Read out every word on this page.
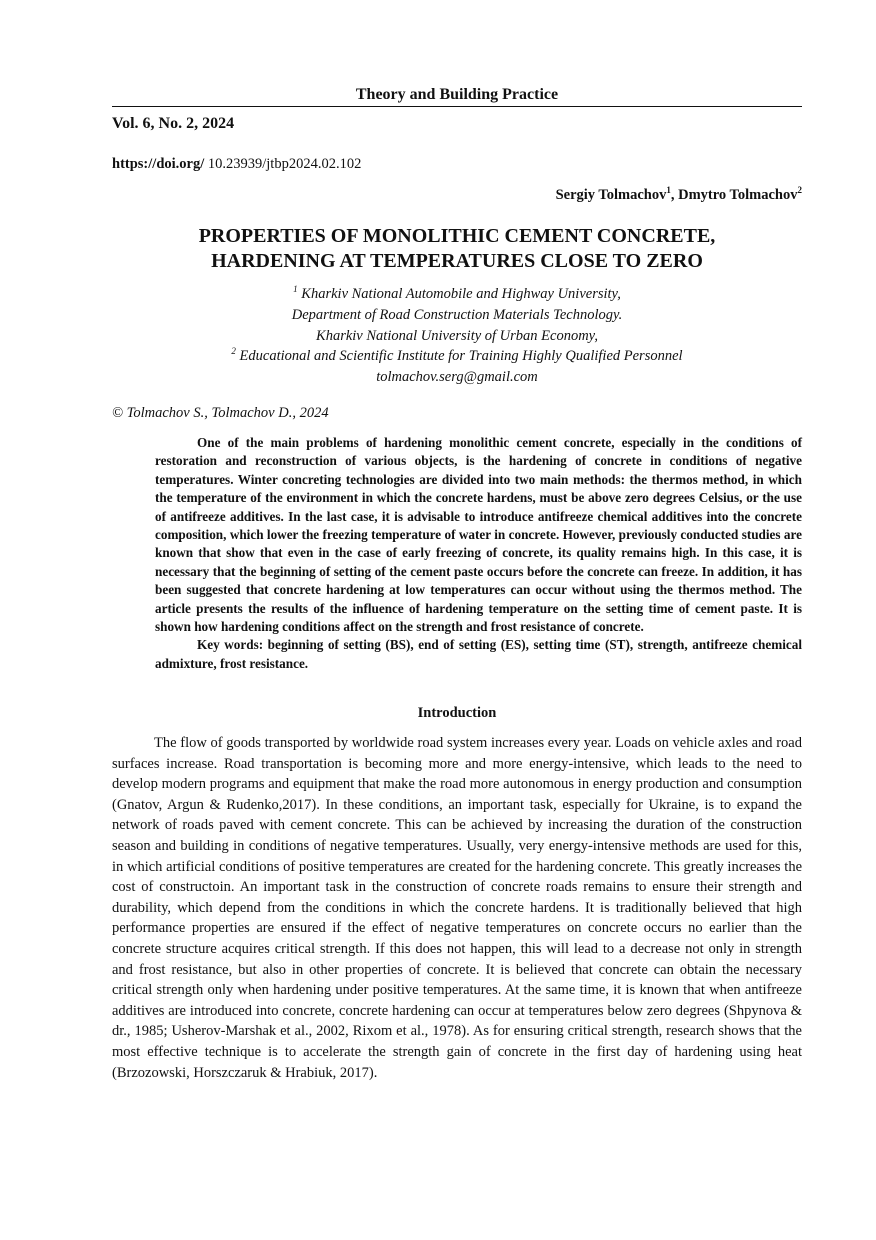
Theory and Building Practice
Vol. 6, No. 2, 2024
https://doi.org/ 10.23939/jtbp2024.02.102
Sergiy Tolmachov$^1$, Dmytro Tolmachov$^2$
PROPERTIES OF MONOLITHIC CEMENT CONCRETE,
HARDENING AT TEMPERATURES CLOSE TO ZERO
$^1$ Kharkiv National Automobile and Highway University,
Department of Road Construction Materials Technology.
Kharkiv National University of Urban Economy,
$^2$ Educational and Scientific Institute for Training Highly Qualified Personnel
tolmachov.serg@gmail.com
© Tolmachov S., Tolmachov D., 2024

One of the main problems of hardening monolithic cement concrete, especially in the conditions of restoration and reconstruction of various objects, is the hardening of concrete in conditions of negative temperatures. Winter concreting technologies are divided into two main methods: the thermos method, in which the temperature of the environment in which the concrete hardens, must be above zero degrees Celsius, or the use of antifreeze additives. In the last case, it is advisable to introduce antifreeze chemical additives into the concrete composition, which lower the freezing temperature of water in concrete. However, previously conducted studies are known that show that even in the case of early freezing of concrete, its quality remains high. In this case, it is necessary that the beginning of setting of the cement paste occurs before the concrete can freeze. In addition, it has been suggested that concrete hardening at low temperatures can occur without using the thermos method. The article presents the results of the influence of hardening temperature on the setting time of cement paste. It is shown how hardening conditions affect on the strength and frost resistance of concrete.

Key words: beginning of setting (BS), end of setting (ES), setting time (ST), strength, antifreeze chemical admixture, frost resistance.

Introduction

The flow of goods transported by worldwide road system increases every year. Loads on vehicle axles and road surfaces increase. Road transportation is becoming more and more energy-intensive, which leads to the need to develop modern programs and equipment that make the road more autonomous in energy production and consumption (Gnatov, Argun & Rudenko,2017). In these conditions, an important task, especially for Ukraine, is to expand the network of roads paved with cement concrete. This can be achieved by increasing the duration of the construction season and building in conditions of negative temperatures. Usually, very energy-intensive methods are used for this, in which artificial conditions of positive temperatures are created for the hardening concrete. This greatly increases the cost of constructoin. An important task in the construction of concrete roads remains to ensure their strength and durability, which depend from the conditions in which the concrete hardens. It is traditionally believed that high performance properties are ensured if the effect of negative temperatures on concrete occurs no earlier than the concrete structure acquires critical strength. If this does not happen, this will lead to a decrease not only in strength and frost resistance, but also in other properties of concrete. It is believed that concrete can obtain the necessary critical strength only when hardening under positive temperatures. At the same time, it is known that when antifreeze additives are introduced into concrete, concrete hardening can occur at temperatures below zero degrees (Shpynova & dr., 1985; Usherov-Marshak et al., 2002, Rixom et al., 1978). As for ensuring critical strength, research shows that the most effective technique is to accelerate the strength gain of concrete in the first day of hardening using heat (Brzozowski, Horszczaruk & Hrabiuk, 2017).
